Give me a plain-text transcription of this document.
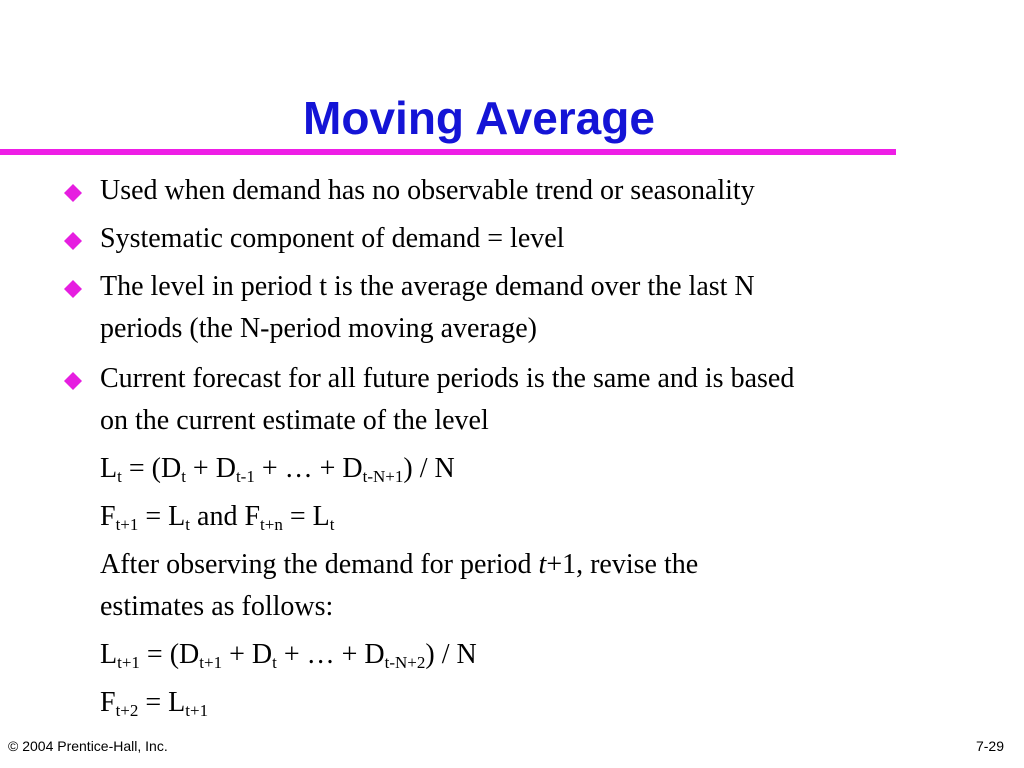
Moving Average
Used when demand has no observable trend or seasonality
Systematic component of demand = level
The level in period t is the average demand over the last N
periods (the N-period moving average)
Current forecast for all future periods is the same and is based
on the current estimate of the level
$L_t = (D_t + D_{t-1}$ + … + $D_{t-N+1}$) / N
$F_{t+1} = L_t$ and $F_{t+n} = L_t$
After observing the demand for period t+1, revise the
estimates as follows:
$L_{t+1} = (D_{t+1} + D_t$ + … + $D_{t-N+2}$) / N
$F_{t+2} = L_{t+1}$
© 2004 Prentice-Hall, Inc.	7-29
